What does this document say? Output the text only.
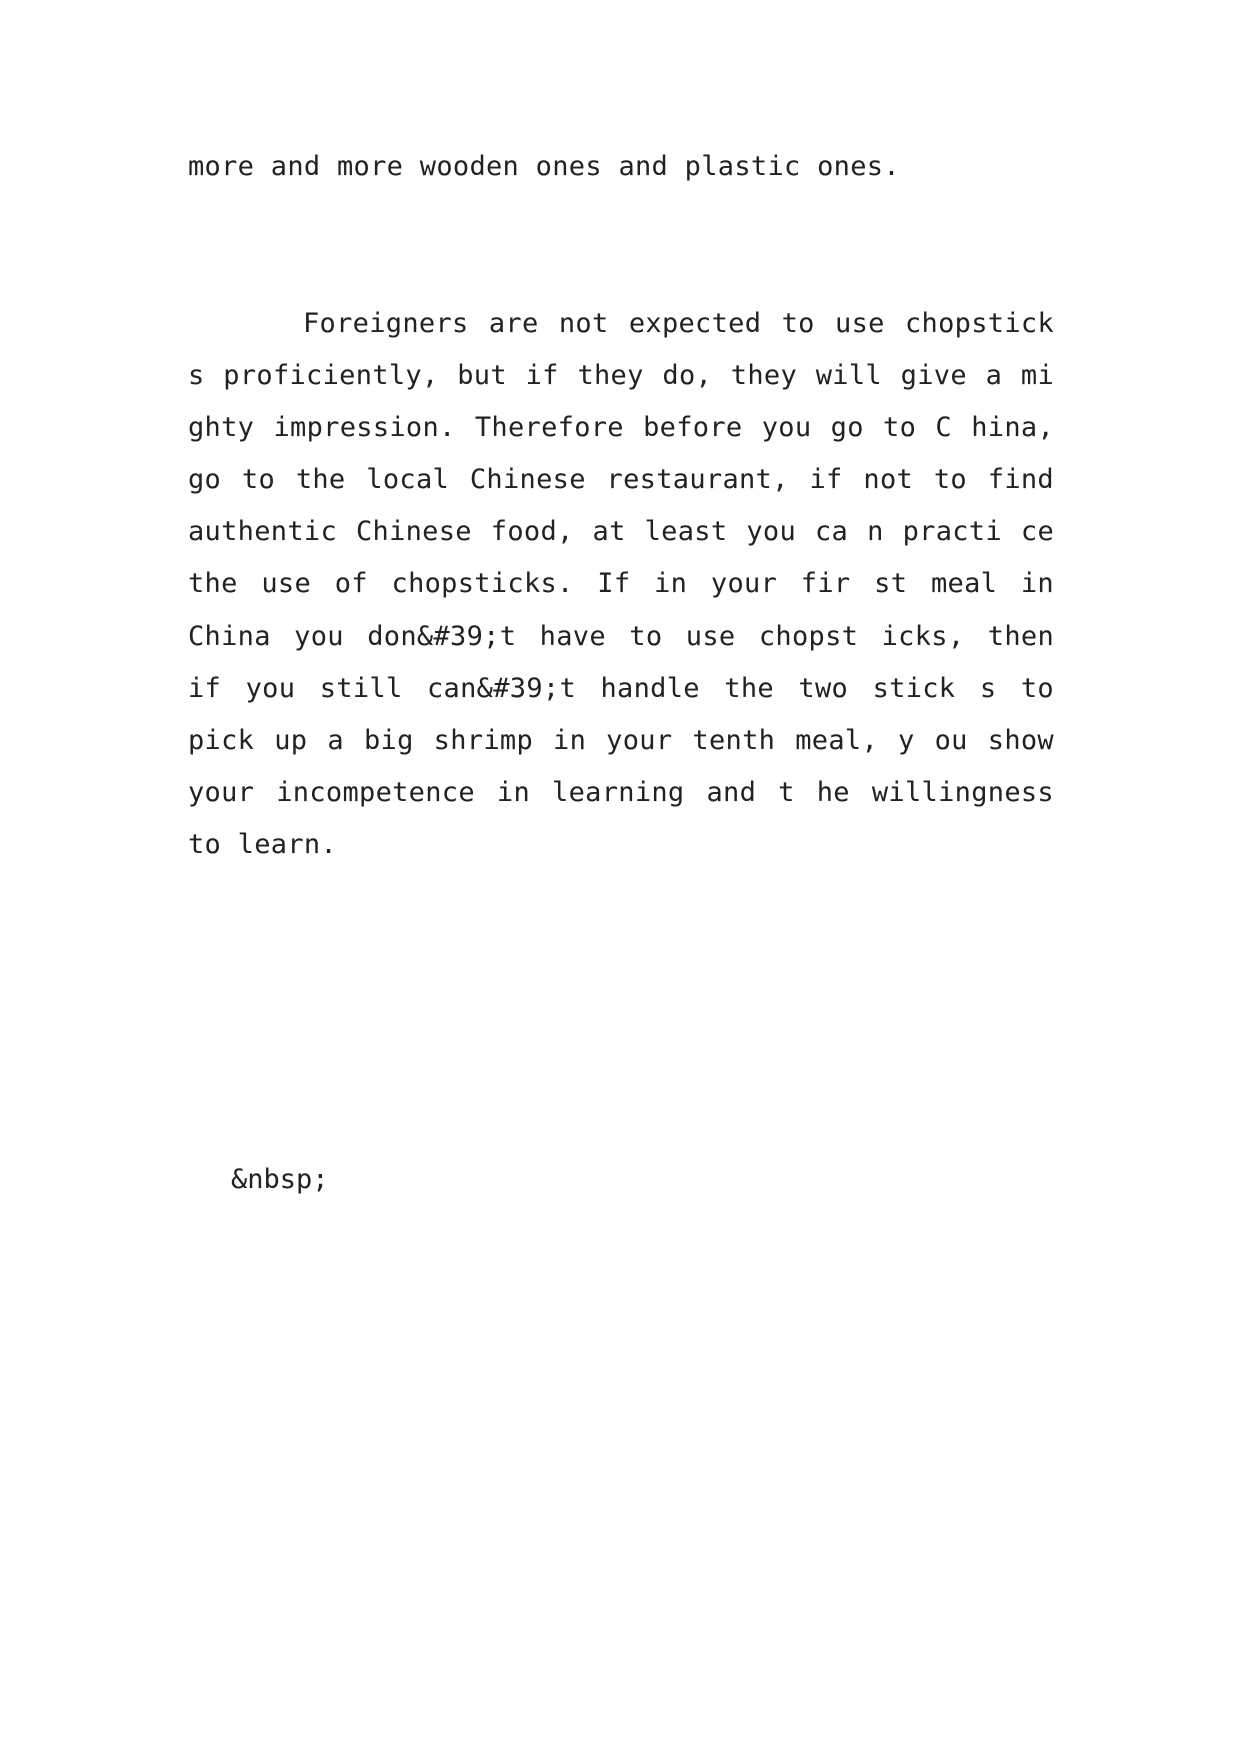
more and more wooden ones and plastic ones.
Foreigners are not expected to use chopstick
s proficiently, but if they do, they will give a mi
ghty impression. Therefore before you go to C hina,
go to the local Chinese restaurant, if not to find
authentic Chinese food, at least you ca n practi ce
the use of chopsticks. If in your fir st meal in
China you don&#39;t have to use chopst icks, then
if you still can&#39;t handle the two stick s to
pick up a big shrimp in your tenth meal, y ou show
your incompetence in learning and t he willingness
to learn.
&nbsp;
